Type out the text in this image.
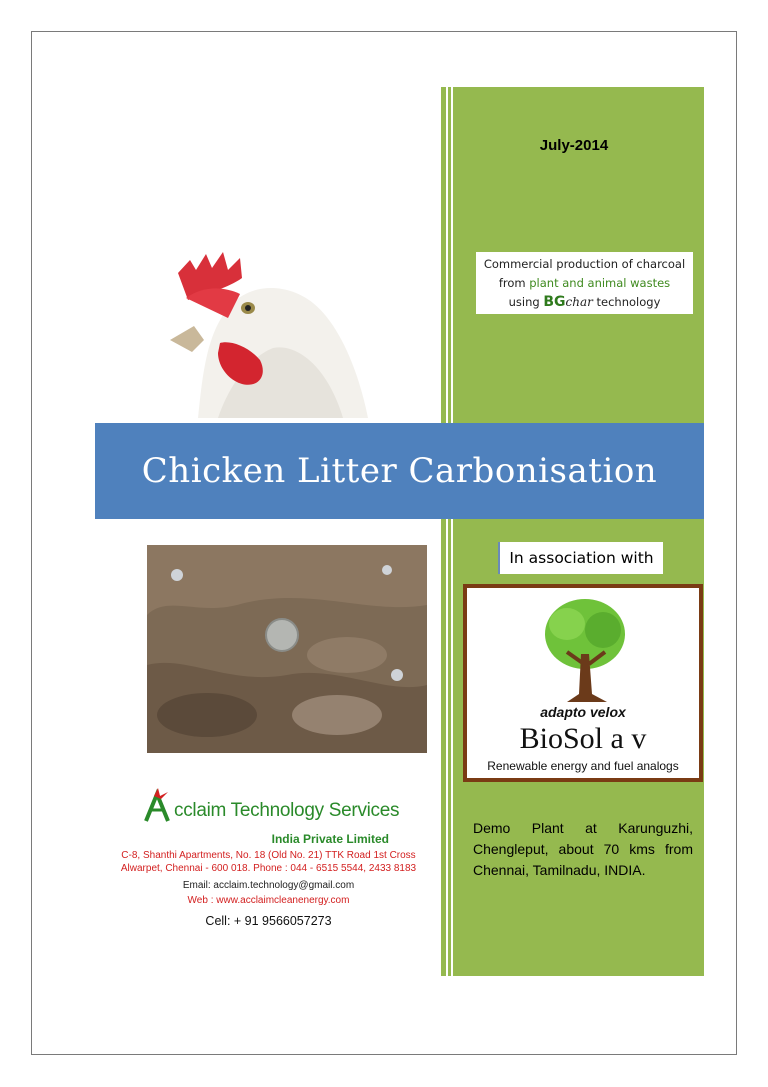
July-2014
Commercial production of charcoal
from plant and animal wastes
using BGchar technology
Chicken Litter Carbonisation
In association with
adapto velox
BioSol a v
Renewable energy and fuel analogs
Demo Plant at Karunguzhi, Chengleput, about 70 kms from Chennai, Tamilnadu, INDIA.
cclaim Technology Services
India Private Limited
C-8, Shanthi Apartments, No. 18 (Old No. 21) TTK Road 1st Cross
Alwarpet, Chennai - 600 018. Phone : 044 - 6515 5544, 2433 8183
Email: acclaim.technology@gmail.com
Web : www.acclaimcleanenergy.com
Cell: + 91 9566057273
